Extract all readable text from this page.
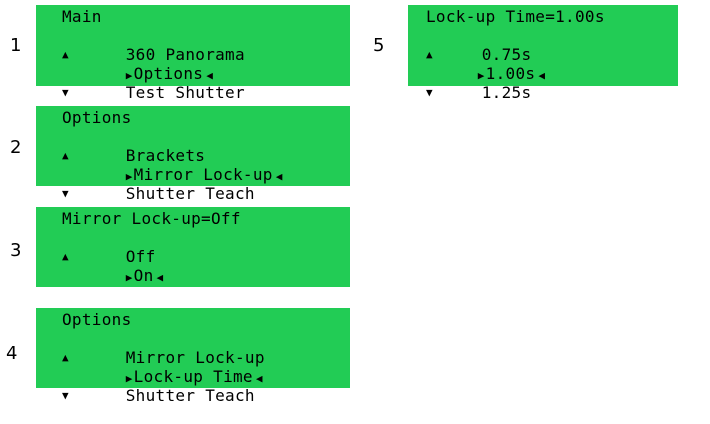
1
Main

▲	360 Panorama

▶Options ◀

▼	Test Shutter

2
Options

▲	Brackets

▶Mirror Lock-up ◀

▼	Shutter Teach

3
Mirror Lock-up=Off

▲	Off

▶On ◀

4
Options

▲	Mirror Lock-up

▶Lock-up Time ◀

▼	Shutter Teach

5
Lock-up Time=1.00s

▲	0.75s

▶1.00s ◀

▼	1.25s
